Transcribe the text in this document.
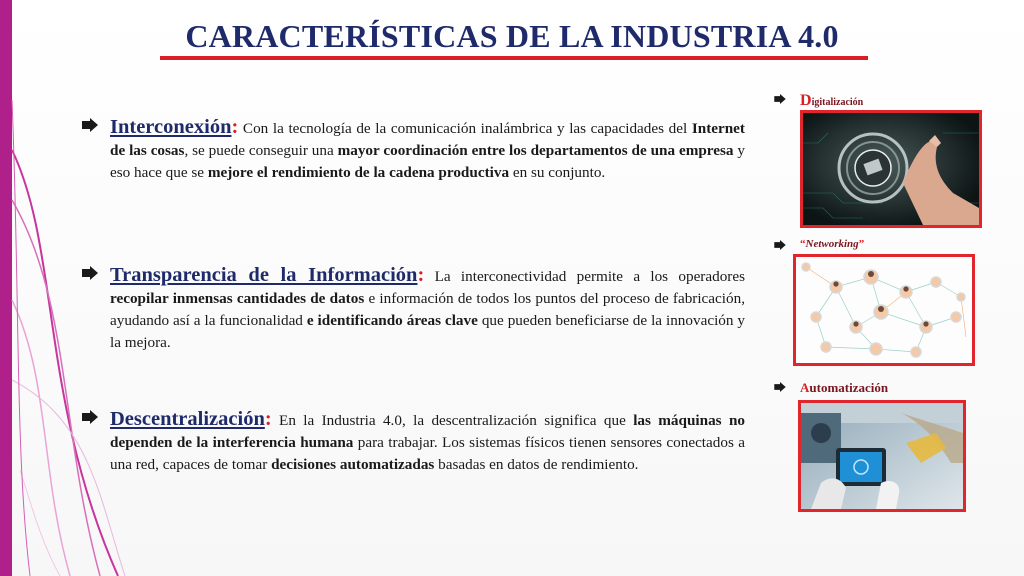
CARACTERÍSTICAS DE LA INDUSTRIA 4.0
Interconexión: Con la tecnología de la comunicación inalámbrica y las capacidades del Internet de las cosas, se puede conseguir una mayor coordinación entre los departamentos de una empresa y eso hace que se mejore el rendimiento de la cadena productiva en su conjunto.
Transparencia de la Información: La interconectividad permite a los operadores recopilar inmensas cantidades de datos e información de todos los puntos del proceso de fabricación, ayudando así a la funcionalidad e identificando áreas clave que pueden beneficiarse de la innovación y la mejora.
Descentralización: En la Industria 4.0, la descentralización significa que las máquinas no dependen de la interferencia humana para trabajar. Los sistemas físicos tienen sensores conectados a una red, capaces de tomar decisiones automatizadas basadas en datos de rendimiento.
Digitalización
“Networking”
Automatización
